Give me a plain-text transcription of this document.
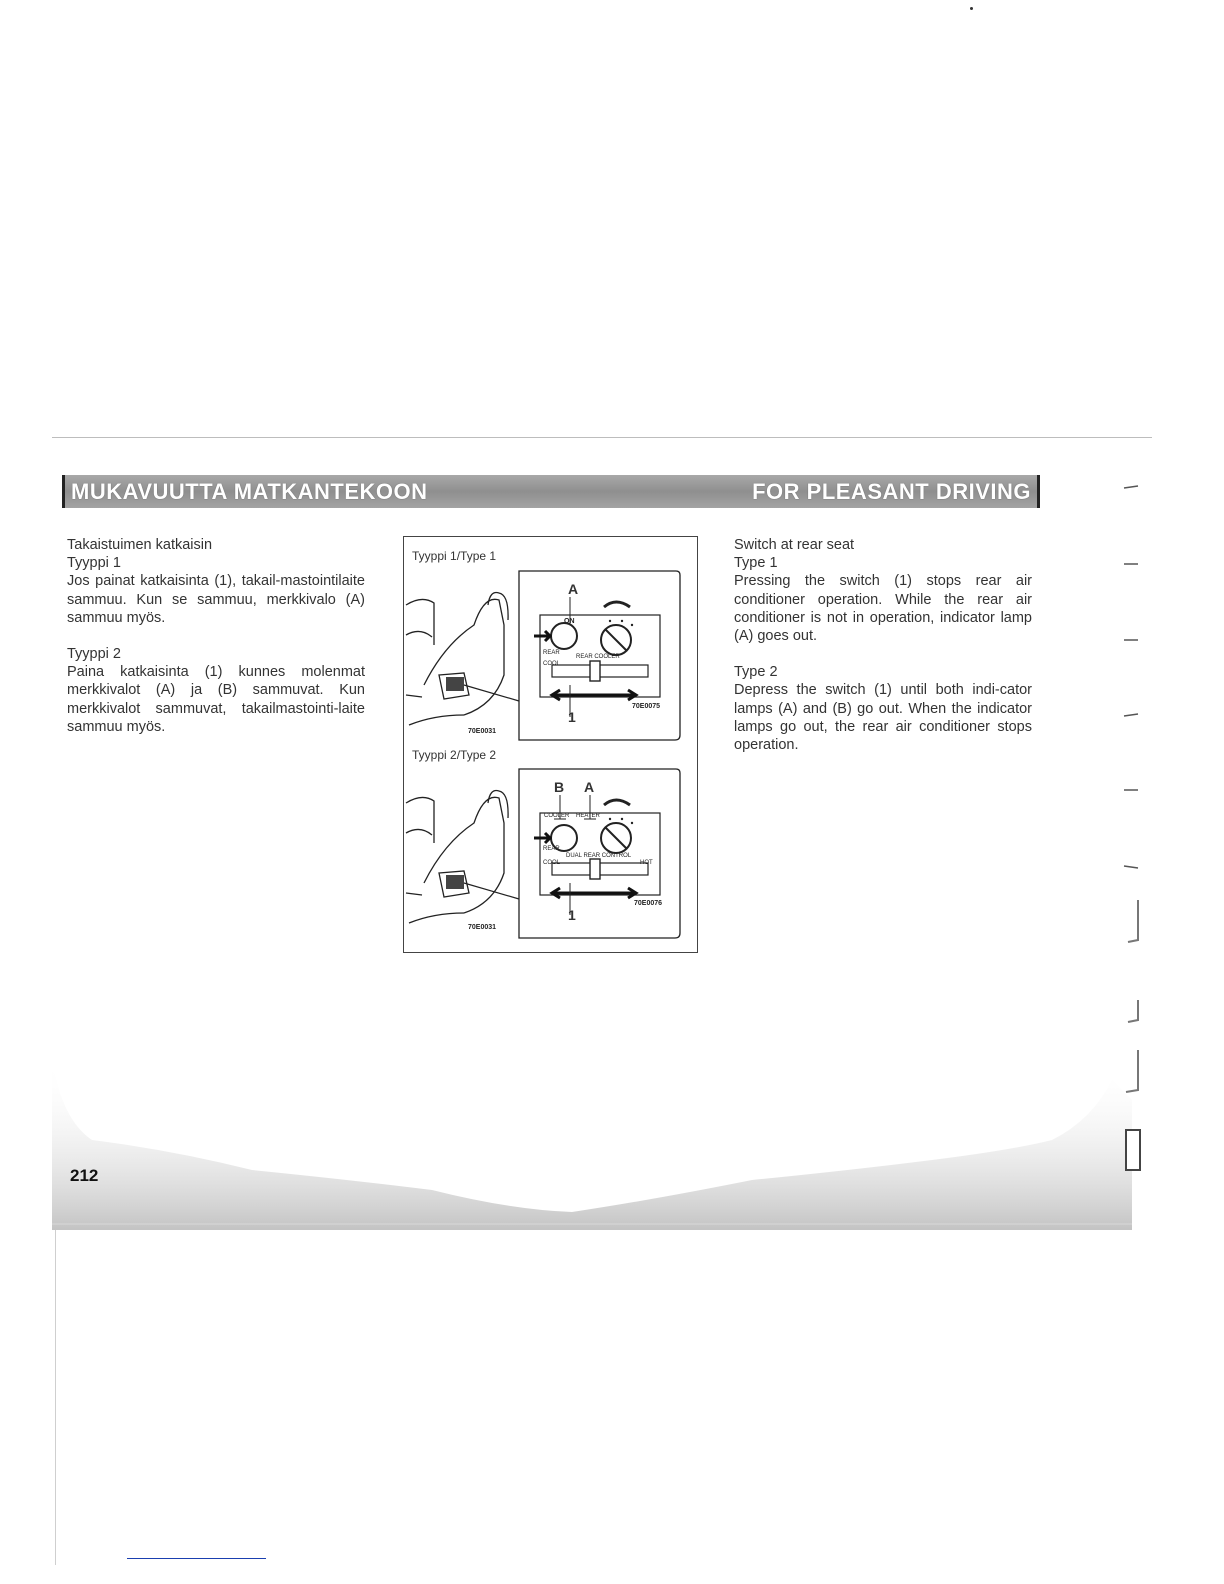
MUKAVUUTTA MATKANTEKOON	FOR PLEASANT DRIVING

Takaistuimen katkaisin

Tyyppi 1

Jos painat katkaisinta (1), takail-mastointilaite sammuu. Kun se sammuu, merkkivalo (A) sammuu myös.

Tyyppi 2

Paina katkaisinta (1) kunnes molenmat merkkivalot (A) ja (B) sammuvat. Kun merkkivalot sammuvat, takailmastointi-laite sammuu myös.

Switch at rear seat

Type 1

Pressing the switch (1) stops rear air conditioner operation. While the rear air conditioner is not in operation, indicator lamp (A) goes out.

Type 2

Depress the switch (1) until both indi-cator lamps (A) and (B) go out. When the indicator lamps go out, the rear air conditioner stops operation.

Tyyppi 1/Type 1
A
ON
REAR
REAR COOLER
COOL
1
70E0075
70E0031
Tyyppi 2/Type 2
B A
COOLER HEATER
REAR
DUAL REAR CONTROL
COOL	HOT
1
70E0076
70E0031
212
